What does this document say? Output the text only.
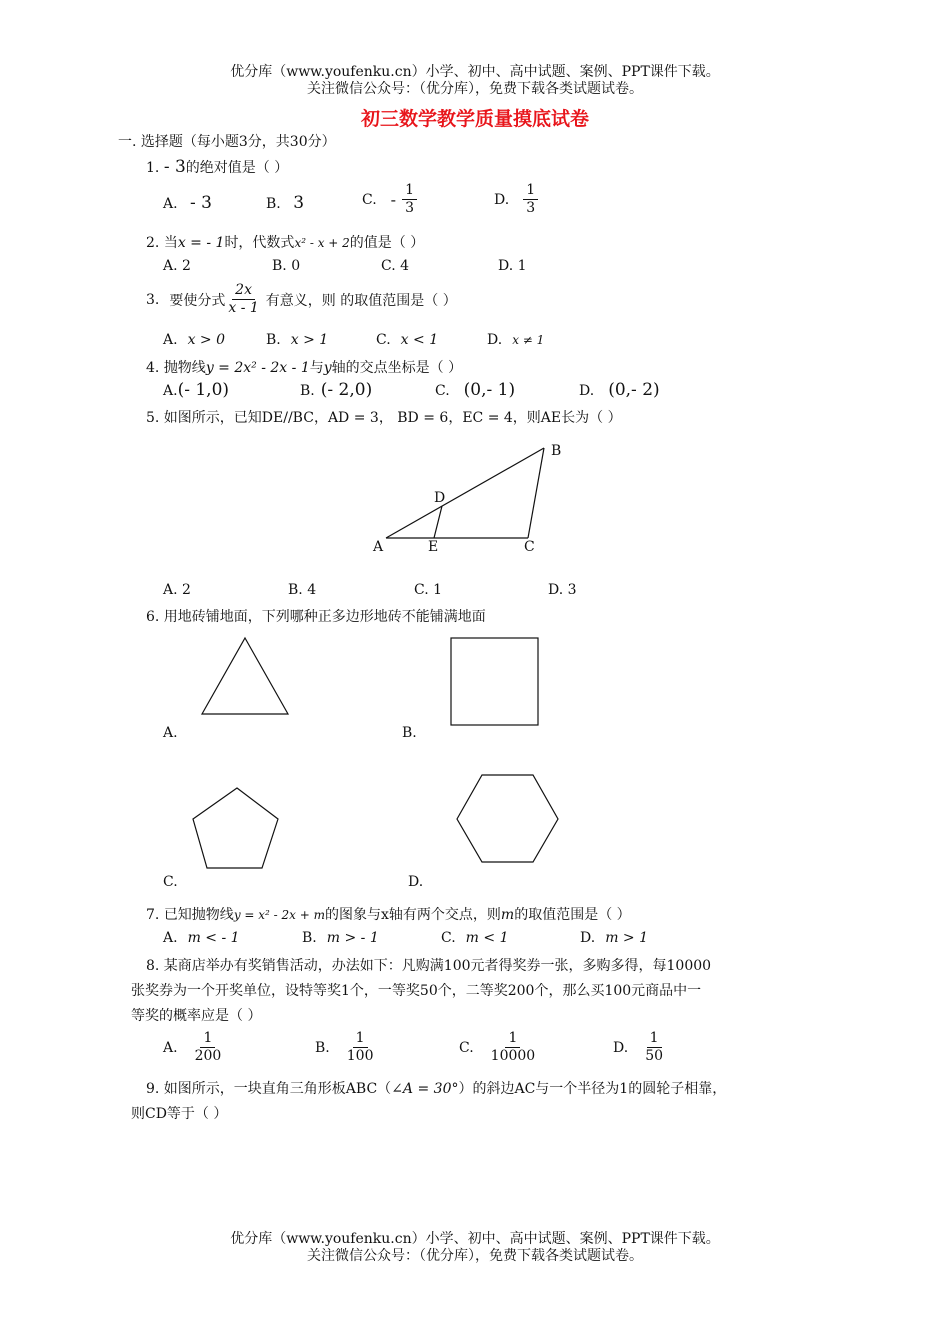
优分库（www.youfenku.cn）小学、初中、高中试题、案例、PPT课件下载。
关注微信公众号：（优分库），免费下载各类试题试卷。
初三数学教学质量摸底试卷
一. 选择题（每小题3分，共30分）
1. - 3的绝对值是（ ）
A. - 3	B. 3	C. - $\frac{1}{3}$	D. $\frac{1}{3}$
2. 当x = - 1时，代数式x² - x + 2的值是（ ）
A. 2	B. 0	C. 4	D. 1
3. 要使分式 $\frac{2x}{x - 1}$ 有意义，则 的取值范围是（ ）
A. x > 0	B. x > 1	C. x < 1	D. x ≠ 1
4. 抛物线y = 2x² - 2x - 1与y轴的交点坐标是（ ）
A.(- 1,0)	B. (- 2,0)	C. (0,- 1)	D. (0,- 2)
5. 如图所示，已知DE//BC，AD = 3， BD = 6，EC = 4，则AE长为（ ）
A
B
C
D
E
A. 2	B. 4	C. 1	D. 3
6. 用地砖铺地面，下列哪种正多边形地砖不能铺满地面
A.	B.
C.	D.
7. 已知抛物线y = x² - 2x + m的图象与x轴有两个交点，则m的取值范围是（ ）
A. m < - 1	B. m > - 1	C. m < 1	D. m > 1
8. 某商店举办有奖销售活动，办法如下：凡购满100元者得奖券一张，多购多得，每10000
张奖券为一个开奖单位，设特等奖1个，一等奖50个，二等奖200个，那么买100元商品中一
等奖的概率应是（ ）
A. $\frac{1}{200}$	B. $\frac{1}{100}$	C. $\frac{1}{10000}$	D. $\frac{1}{50}$
9. 如图所示，一块直角三角形板ABC（∠A = 30°）的斜边AC与一个半径为1的圆轮子相靠，
则CD等于（ ）
优分库（www.youfenku.cn）小学、初中、高中试题、案例、PPT课件下载。
关注微信公众号：（优分库），免费下载各类试题试卷。
